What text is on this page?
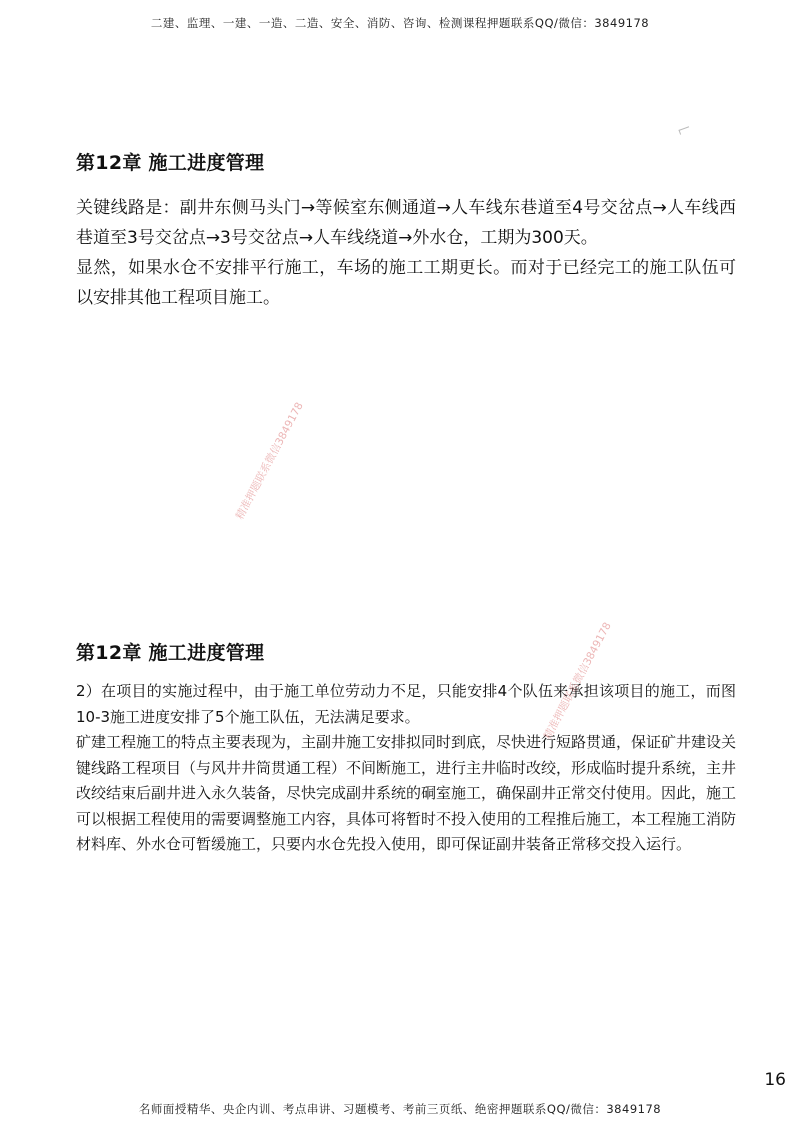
二建、监理、一建、一造、二造、安全、消防、咨询、检测课程押题联系QQ/微信：3849178
第12章 施工进度管理

关键线路是：副井东侧马头门→等候室东侧通道→人车线东巷道至4号交岔点→人车线西巷道至3号交岔点→3号交岔点→人车线绕道→外水仓，工期为300天。

显然，如果水仓不安排平行施工，车场的施工工期更长。而对于已经完工的施工队伍可以安排其他工程项目施工。

精准押题联系微信3849178
第12章 施工进度管理

2）在项目的实施过程中，由于施工单位劳动力不足，只能安排4个队伍来承担该项目的施工，而图10-3施工进度安排了5个施工队伍，无法满足要求。

矿建工程施工的特点主要表现为，主副井施工安排拟同时到底，尽快进行短路贯通，保证矿井建设关键线路工程项目（与风井井筒贯通工程）不间断施工，进行主井临时改绞，形成临时提升系统，主井改绞结束后副井进入永久装备，尽快完成副井系统的硐室施工，确保副井正常交付使用。因此，施工可以根据工程使用的需要调整施工内容，具体可将暂时不投入使用的工程推后施工，本工程施工消防材料库、外水仓可暂缓施工，只要内水仓先投入使用，即可保证副井装备正常移交投入运行。

精准押题联系微信3849178
16
名师面授精华、央企内训、考点串讲、习题模考、考前三页纸、绝密押题联系QQ/微信：3849178
